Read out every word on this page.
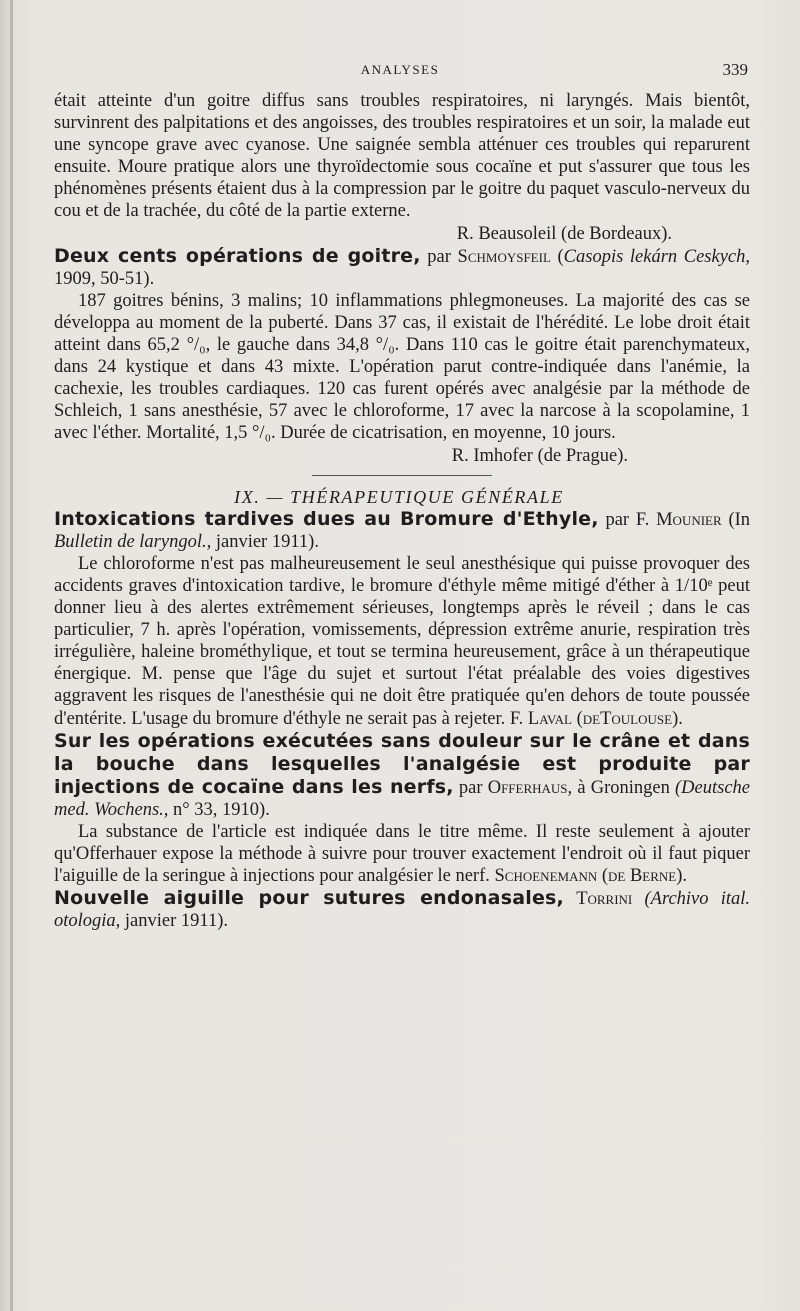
ANALYSES	339

était atteinte d'un goitre diffus sans troubles respiratoires, ni laryngés. Mais bientôt, survinrent des palpitations et des angoisses, des troubles respiratoires et un soir, la malade eut une syncope grave avec cyanose. Une saignée sembla atténuer ces troubles qui reparurent ensuite. Moure pratique alors une thyroïdectomie sous cocaïne et put s'assurer que tous les phénomènes présents étaient dus à la compression par le goitre du paquet vasculo-nerveux du cou et de la trachée, du côté de la partie externe.

R. Beausoleil (de Bordeaux).

Deux cents opérations de goitre, par Schmoysfeil (Casopis lekárn Ceskych, 1909, 50-51).

187 goitres bénins, 3 malins; 10 inflammations phlegmoneuses. La majorité des cas se développa au moment de la puberté. Dans 37 cas, il existait de l'hérédité. Le lobe droit était atteint dans 65,2 °/₀, le gauche dans 34,8 °/₀. Dans 110 cas le goitre était parenchymateux, dans 24 kystique et dans 43 mixte. L'opération parut contre-indiquée dans l'anémie, la cachexie, les troubles cardiaques. 120 cas furent opérés avec analgésie par la méthode de Schleich, 1 sans anesthésie, 57 avec le chloroforme, 17 avec la narcose à la scopolamine, 1 avec l'éther. Mortalité, 1,5 °/₀. Durée de cicatrisation, en moyenne, 10 jours.

R. Imhofer (de Prague).

IX. — THÉRAPEUTIQUE GÉNÉRALE

Intoxications tardives dues au Bromure d'Ethyle, par F. Mounier (In Bulletin de laryngol., janvier 1911).

Le chloroforme n'est pas malheureusement le seul anesthésique qui puisse provoquer des accidents graves d'intoxication tardive, le bromure d'éthyle même mitigé d'éther à 1/10ᵉ peut donner lieu à des alertes extrêmement sérieuses, longtemps après le réveil ; dans le cas particulier, 7 h. après l'opération, vomissements, dépression extrême anurie, respiration très irrégulière, haleine brométhylique, et tout se termina heureusement, grâce à un thérapeutique énergique. M. pense que l'âge du sujet et surtout l'état préalable des voies digestives aggravent les risques de l'anesthésie qui ne doit être pratiquée qu'en dehors de toute poussée d'entérite. L'usage du bromure d'éthyle ne serait pas à rejeter. F. Laval (deToulouse).

Sur les opérations exécutées sans douleur sur le crâne et dans la bouche dans lesquelles l'analgésie est produite par injections de cocaïne dans les nerfs, par Offerhaus, à Groningen (Deutsche med. Wochens., n° 33, 1910).

La substance de l'article est indiquée dans le titre même. Il reste seulement à ajouter qu'Offerhauer expose la méthode à suivre pour trouver exactement l'endroit où il faut piquer l'aiguille de la seringue à injections pour analgésier le nerf. Schoenemann (de Berne).

Nouvelle aiguille pour sutures endonasales, Torrini (Archivo ital. otologia, janvier 1911).
